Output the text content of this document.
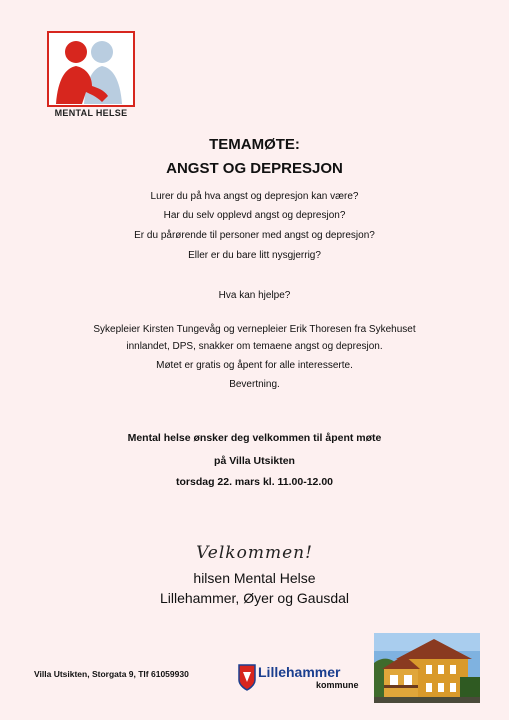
MENTAL HELSE
TEMAMØTE:
ANGST OG DEPRESJON
Lurer du på hva angst og depresjon kan være?
Har du selv opplevd angst og depresjon?
Er du pårørende til personer med angst og depresjon?
Eller er du bare litt nysgjerrig?
Hva kan hjelpe?
Sykepleier Kirsten Tungevåg og vernepleier Erik Thoresen fra Sykehuset
innlandet, DPS, snakker om temaene angst og depresjon.
Møtet er gratis og åpent for alle interesserte.
Bevertning.
Mental helse ønsker deg velkommen til åpent møte
på Villa Utsikten
torsdag 22. mars kl. 11.00-12.00
Velkommen!
hilsen Mental Helse
Lillehammer, Øyer og Gausdal
Villa Utsikten, Storgata 9, Tlf 61059930	Lillehammer
kommune
